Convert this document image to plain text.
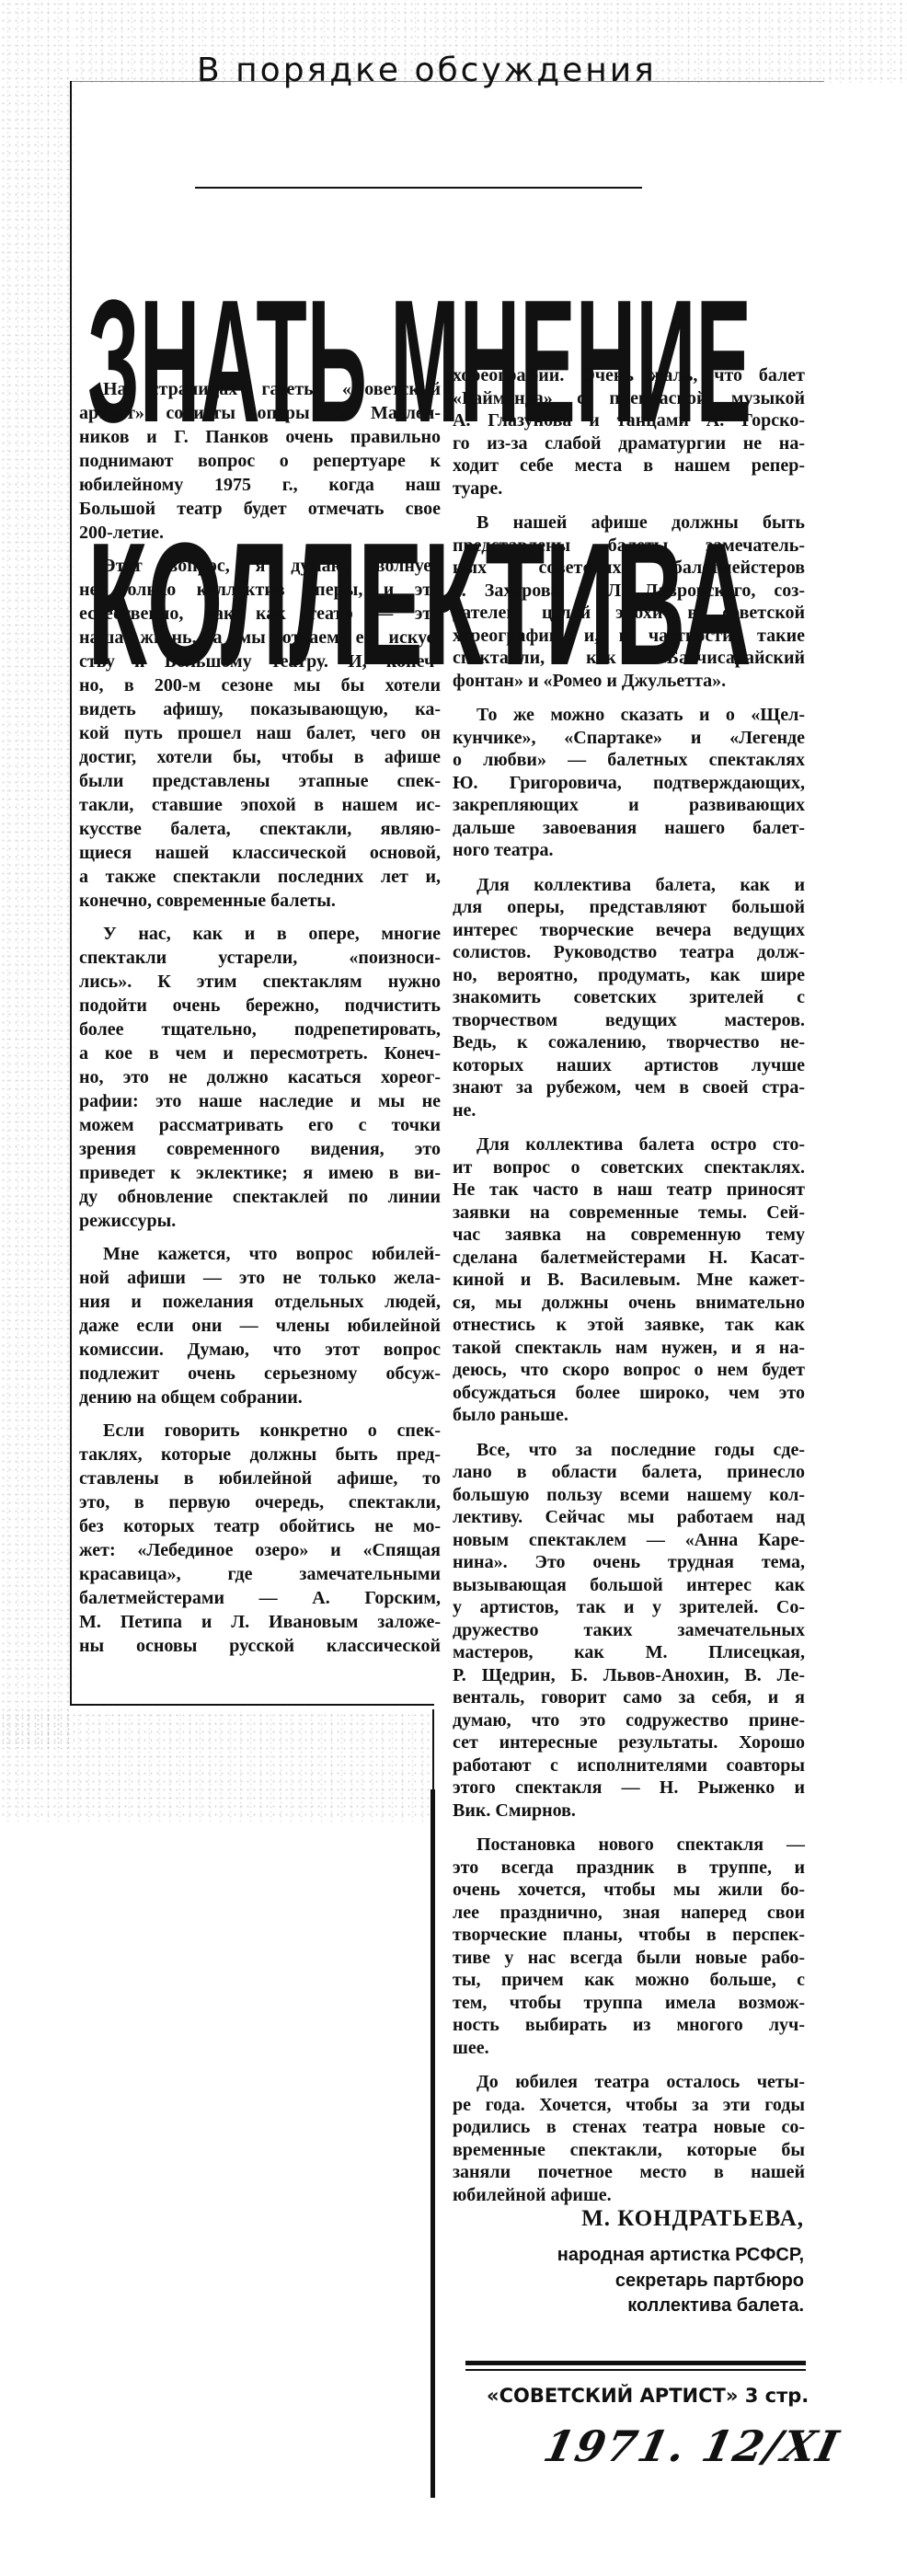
В порядке обсуждения
ЗНАТЬ МНЕНИЕ
КОЛЛЕКТИВА
На страницах газеты «Советский
артист» солисты оперы А. Маслен-
ников и Г. Панков очень правильно
поднимают вопрос о репертуаре к
юбилейному 1975 г., когда наш
Большой театр будет отмечать свое
200-летие.
Этот вопрос, я думаю, волнует
не только коллектив оперы, и это
естественно, так как театр — это
наша жизнь, а мы отдаем ее искус-
ству и Большому театру. И, конеч-
но, в 200-м сезоне мы бы хотели
видеть афишу, показывающую, ка-
кой путь прошел наш балет, чего он
достиг, хотели бы, чтобы в афише
были представлены этапные спек-
такли, ставшие эпохой в нашем ис-
кусстве балета, спектакли, являю-
щиеся нашей классической основой,
а также спектакли последних лет и,
конечно, современные балеты.
У нас, как и в опере, многие
спектакли устарели, «поизноси-
лись». К этим спектаклям нужно
подойти очень бережно, подчистить
более тщательно, подрепетировать,
а кое в чем и пересмотреть. Конеч-
но, это не должно касаться хореог-
рафии: это наше наследие и мы не
можем рассматривать его с точки
зрения современного видения, это
приведет к эклектике; я имею в ви-
ду обновление спектаклей по линии
режиссуры.
Мне кажется, что вопрос юбилей-
ной афиши — это не только жела-
ния и пожелания отдельных людей,
даже если они — члены юбилейной
комиссии. Думаю, что этот вопрос
подлежит очень серьезному обсуж-
дению на общем собрании.
Если говорить конкретно о спек-
таклях, которые должны быть пред-
ставлены в юбилейной афише, то
это, в первую очередь, спектакли,
без которых театр обойтись не мо-
жет: «Лебединое озеро» и «Спящая
красавица», где замечательными
балетмейстерами — А. Горским,
М. Петипа и Л. Ивановым заложе-
ны основы русской классической
хореографии. Очень жаль, что балет
«Раймонда» с прекрасной музыкой
А. Глазунова и танцами А. Горско-
го из-за слабой драматургии не на-
ходит себе места в нашем репер-
туаре.
В нашей афише должны быть
представлены балеты замечатель-
ных советских балетмейстеров
Р. Захарова и Л. Лавровского, соз-
дателей целой эпохи в советской
хореографии, и, в частности, такие
спектакли, как «Бахчисарайский
фонтан» и «Ромео и Джульетта».
То же можно сказать и о «Щел-
кунчике», «Спартаке» и «Легенде
о любви» — балетных спектаклях
Ю. Григоровича, подтверждающих,
закрепляющих и развивающих
дальше завоевания нашего балет-
ного театра.
Для коллектива балета, как и
для оперы, представляют большой
интерес творческие вечера ведущих
солистов. Руководство театра долж-
но, вероятно, продумать, как шире
знакомить советских зрителей с
творчеством ведущих мастеров.
Ведь, к сожалению, творчество не-
которых наших артистов лучше
знают за рубежом, чем в своей стра-
не.
Для коллектива балета остро сто-
ит вопрос о советских спектаклях.
Не так часто в наш театр приносят
заявки на современные темы. Сей-
час заявка на современную тему
сделана балетмейстерами Н. Касат-
киной и В. Василевым. Мне кажет-
ся, мы должны очень внимательно
отнестись к этой заявке, так как
такой спектакль нам нужен, и я на-
деюсь, что скоро вопрос о нем будет
обсуждаться более широко, чем это
было раньше.
Все, что за последние годы сде-
лано в области балета, принесло
большую пользу всеми нашему кол-
лективу. Сейчас мы работаем над
новым спектаклем — «Анна Каре-
нина». Это очень трудная тема,
вызывающая большой интерес как
у артистов, так и у зрителей. Со-
дружество таких замечательных
мастеров, как М. Плисецкая,
Р. Щедрин, Б. Львов-Анохин, В. Ле-
венталь, говорит само за себя, и я
думаю, что это содружество прине-
сет интересные результаты. Хорошо
работают с исполнителями соавторы
этого спектакля — Н. Рыженко и
Вик. Смирнов.
Постановка нового спектакля —
это всегда праздник в труппе, и
очень хочется, чтобы мы жили бо-
лее празднично, зная наперед свои
творческие планы, чтобы в перспек-
тиве у нас всегда были новые рабо-
ты, причем как можно больше, с
тем, чтобы труппа имела возмож-
ность выбирать из многого луч-
шее.
До юбилея театра осталось четы-
ре года. Хочется, чтобы за эти годы
родились в стенах театра новые со-
временные спектакли, которые бы
заняли почетное место в нашей
юбилейной афише.
М. КОНДРАТЬЕВА,
народная артистка РСФСР,
секретарь партбюро
коллектива балета.
«СОВЕТСКИЙ АРТИСТ» 3 стр.
1971. 12/XI
